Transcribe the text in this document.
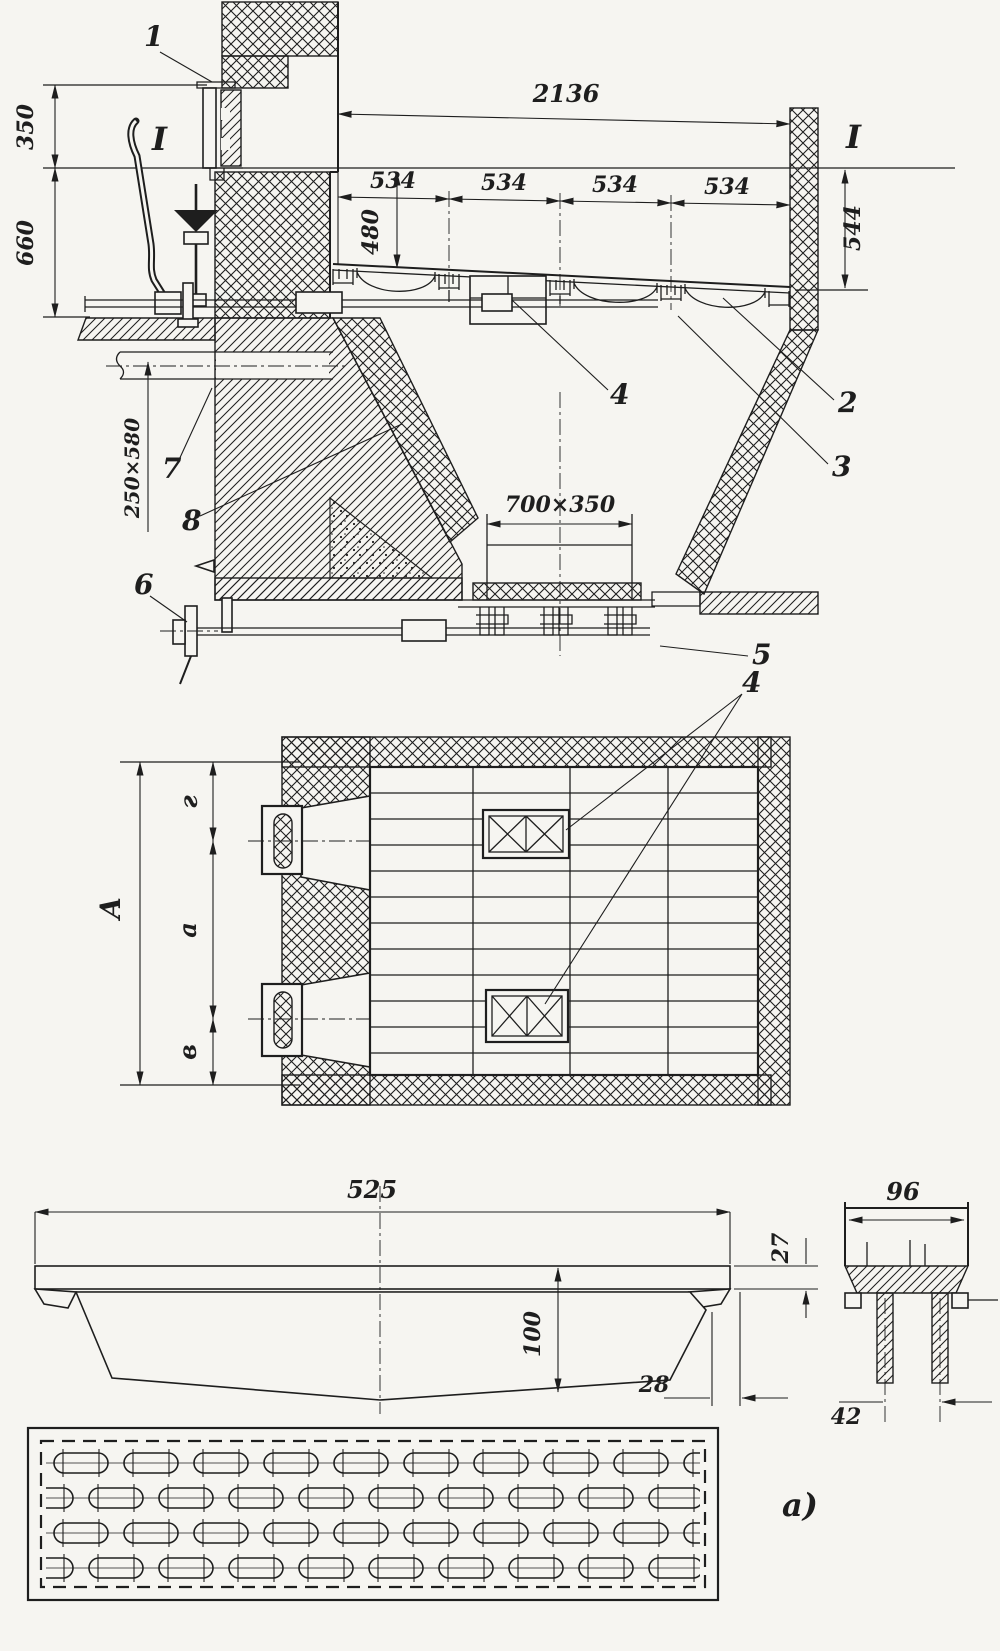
350
660
I	I
1
2136
534	534	534	534
480	544
2
3
4
250×580 7
8	700×350
6
5
4
А
г
а
в
525
100
27
28
96
42
а)
